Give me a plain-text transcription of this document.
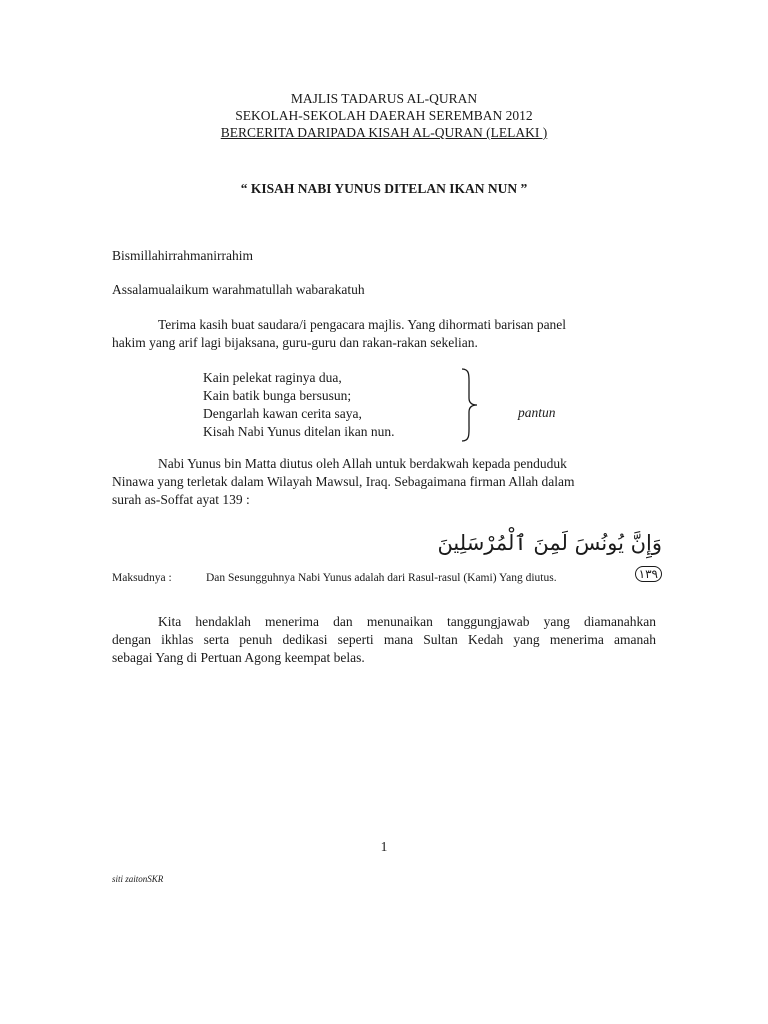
MAJLIS TADARUS AL-QURAN
SEKOLAH-SEKOLAH DAERAH SEREMBAN 2012
BERCERITA DARIPADA KISAH AL-QURAN (LELAKI )
“ KISAH NABI YUNUS DITELAN IKAN NUN ”
Bismillahirrahmanirrahim
Assalamualaikum warahmatullah wabarakatuh
Terima kasih buat saudara/i pengacara majlis. Yang dihormati barisan panel
hakim yang arif lagi bijaksana, guru-guru dan rakan-rakan sekelian.
Kain pelekat raginya dua,
Kain batik bunga bersusun;
Dengarlah kawan cerita saya,
Kisah Nabi Yunus ditelan ikan nun.
pantun
Nabi Yunus bin Matta diutus oleh Allah untuk berdakwah kepada penduduk
Ninawa yang terletak dalam Wilayah Mawsul, Iraq. Sebagaimana firman Allah dalam
surah as-Soffat ayat 139 :
وَإِنَّ يُونُسَ لَمِنَ ٱلْمُرْسَلِينَ ١٣٩
Maksudnya :	Dan Sesungguhnya Nabi Yunus adalah dari Rasul-rasul (Kami) Yang diutus.
Kita hendaklah menerima dan menunaikan tanggungjawab yang diamanahkan
dengan ikhlas serta penuh dedikasi seperti mana Sultan Kedah yang menerima amanah
sebagai Yang di Pertuan Agong keempat belas.
1
siti zaitonSKR
